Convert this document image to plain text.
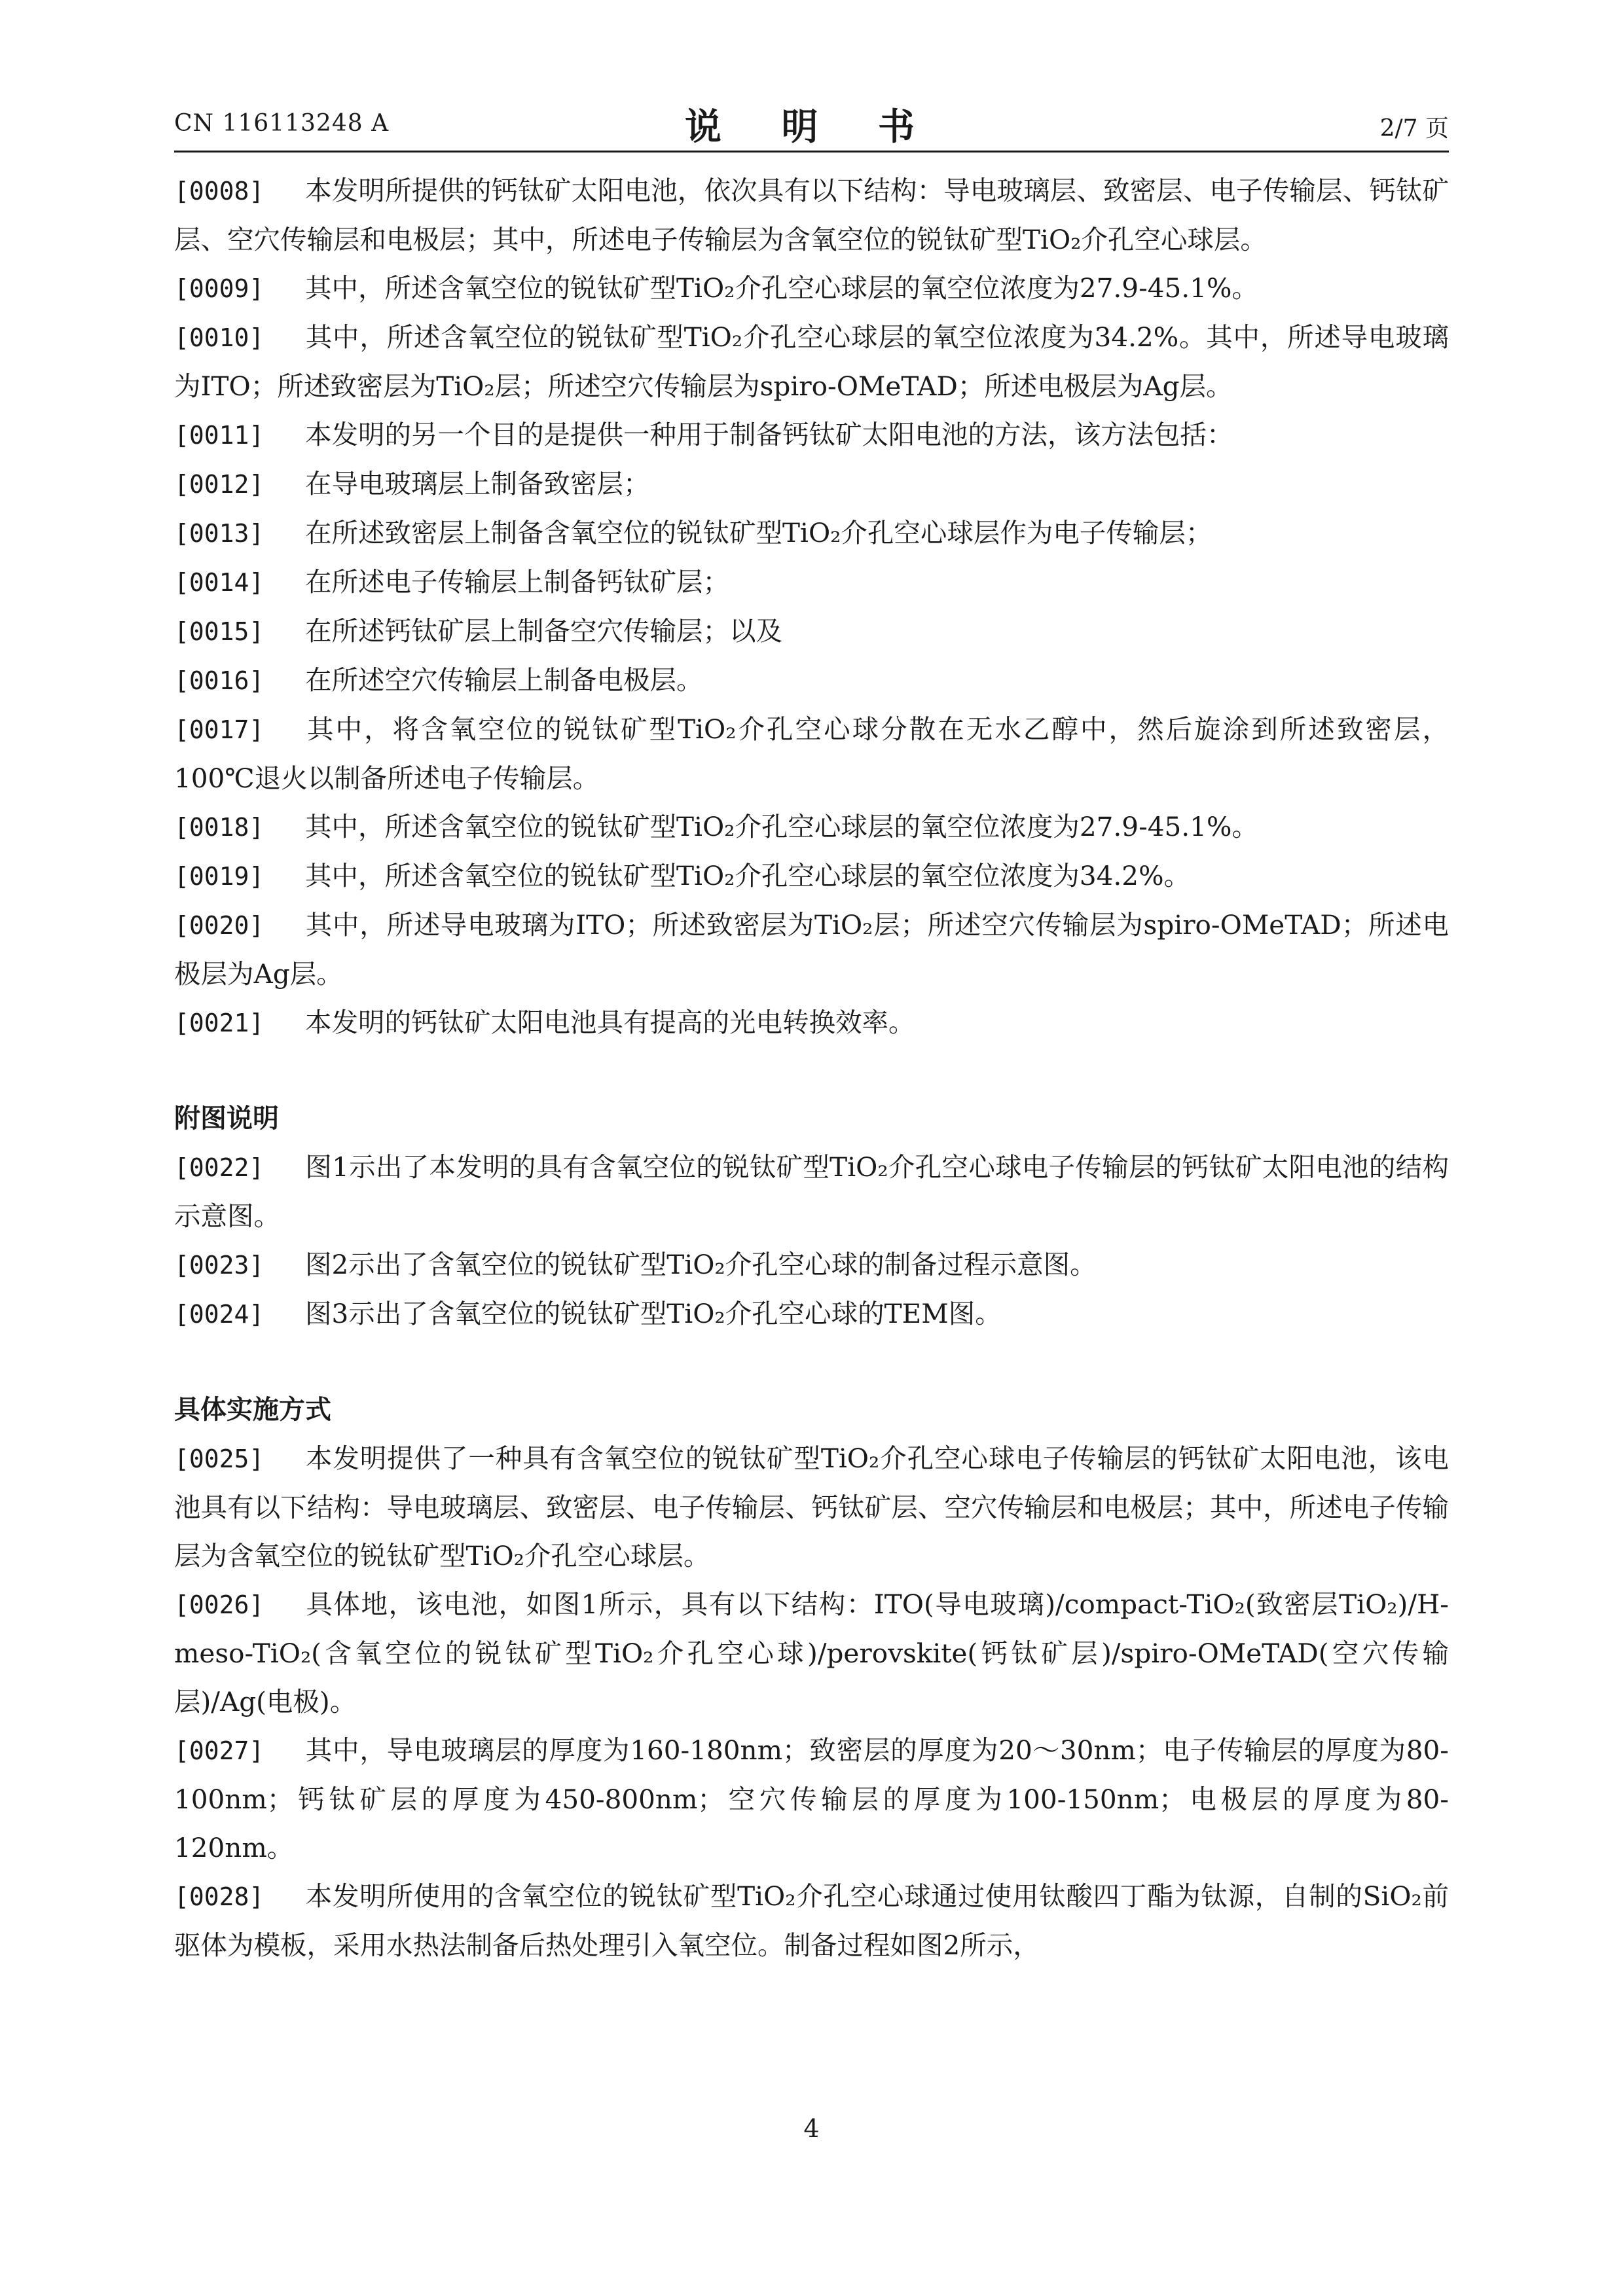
CN 116113248 A	说 明 书	2/7 页

[0008] 本发明所提供的钙钛矿太阳电池，依次具有以下结构：导电玻璃层、致密层、电子传输层、钙钛矿层、空穴传输层和电极层；其中，所述电子传输层为含氧空位的锐钛矿型TiO₂介孔空心球层。

[0009] 其中，所述含氧空位的锐钛矿型TiO₂介孔空心球层的氧空位浓度为27.9-45.1%。

[0010] 其中，所述含氧空位的锐钛矿型TiO₂介孔空心球层的氧空位浓度为34.2%。其中，所述导电玻璃为ITO；所述致密层为TiO₂层；所述空穴传输层为spiro-OMeTAD；所述电极层为Ag层。

[0011] 本发明的另一个目的是提供一种用于制备钙钛矿太阳电池的方法，该方法包括：

[0012] 在导电玻璃层上制备致密层；

[0013] 在所述致密层上制备含氧空位的锐钛矿型TiO₂介孔空心球层作为电子传输层；

[0014] 在所述电子传输层上制备钙钛矿层；

[0015] 在所述钙钛矿层上制备空穴传输层；以及

[0016] 在所述空穴传输层上制备电极层。

[0017] 其中，将含氧空位的锐钛矿型TiO₂介孔空心球分散在无水乙醇中，然后旋涂到所述致密层，100℃退火以制备所述电子传输层。

[0018] 其中，所述含氧空位的锐钛矿型TiO₂介孔空心球层的氧空位浓度为27.9-45.1%。

[0019] 其中，所述含氧空位的锐钛矿型TiO₂介孔空心球层的氧空位浓度为34.2%。

[0020] 其中，所述导电玻璃为ITO；所述致密层为TiO₂层；所述空穴传输层为spiro-OMeTAD；所述电极层为Ag层。

[0021] 本发明的钙钛矿太阳电池具有提高的光电转换效率。

附图说明

[0022] 图1示出了本发明的具有含氧空位的锐钛矿型TiO₂介孔空心球电子传输层的钙钛矿太阳电池的结构示意图。

[0023] 图2示出了含氧空位的锐钛矿型TiO₂介孔空心球的制备过程示意图。

[0024] 图3示出了含氧空位的锐钛矿型TiO₂介孔空心球的TEM图。

具体实施方式

[0025] 本发明提供了一种具有含氧空位的锐钛矿型TiO₂介孔空心球电子传输层的钙钛矿太阳电池，该电池具有以下结构：导电玻璃层、致密层、电子传输层、钙钛矿层、空穴传输层和电极层；其中，所述电子传输层为含氧空位的锐钛矿型TiO₂介孔空心球层。

[0026] 具体地，该电池，如图1所示，具有以下结构：ITO(导电玻璃)/compact-TiO₂(致密层TiO₂)/H-meso-TiO₂(含氧空位的锐钛矿型TiO₂介孔空心球)/perovskite(钙钛矿层)/spiro-OMeTAD(空穴传输层)/Ag(电极)。

[0027] 其中，导电玻璃层的厚度为160-180nm；致密层的厚度为20～30nm；电子传输层的厚度为80-100nm；钙钛矿层的厚度为450-800nm；空穴传输层的厚度为100-150nm；电极层的厚度为80-120nm。

[0028] 本发明所使用的含氧空位的锐钛矿型TiO₂介孔空心球通过使用钛酸四丁酯为钛源，自制的SiO₂前驱体为模板，采用水热法制备后热处理引入氧空位。制备过程如图2所示，

4
